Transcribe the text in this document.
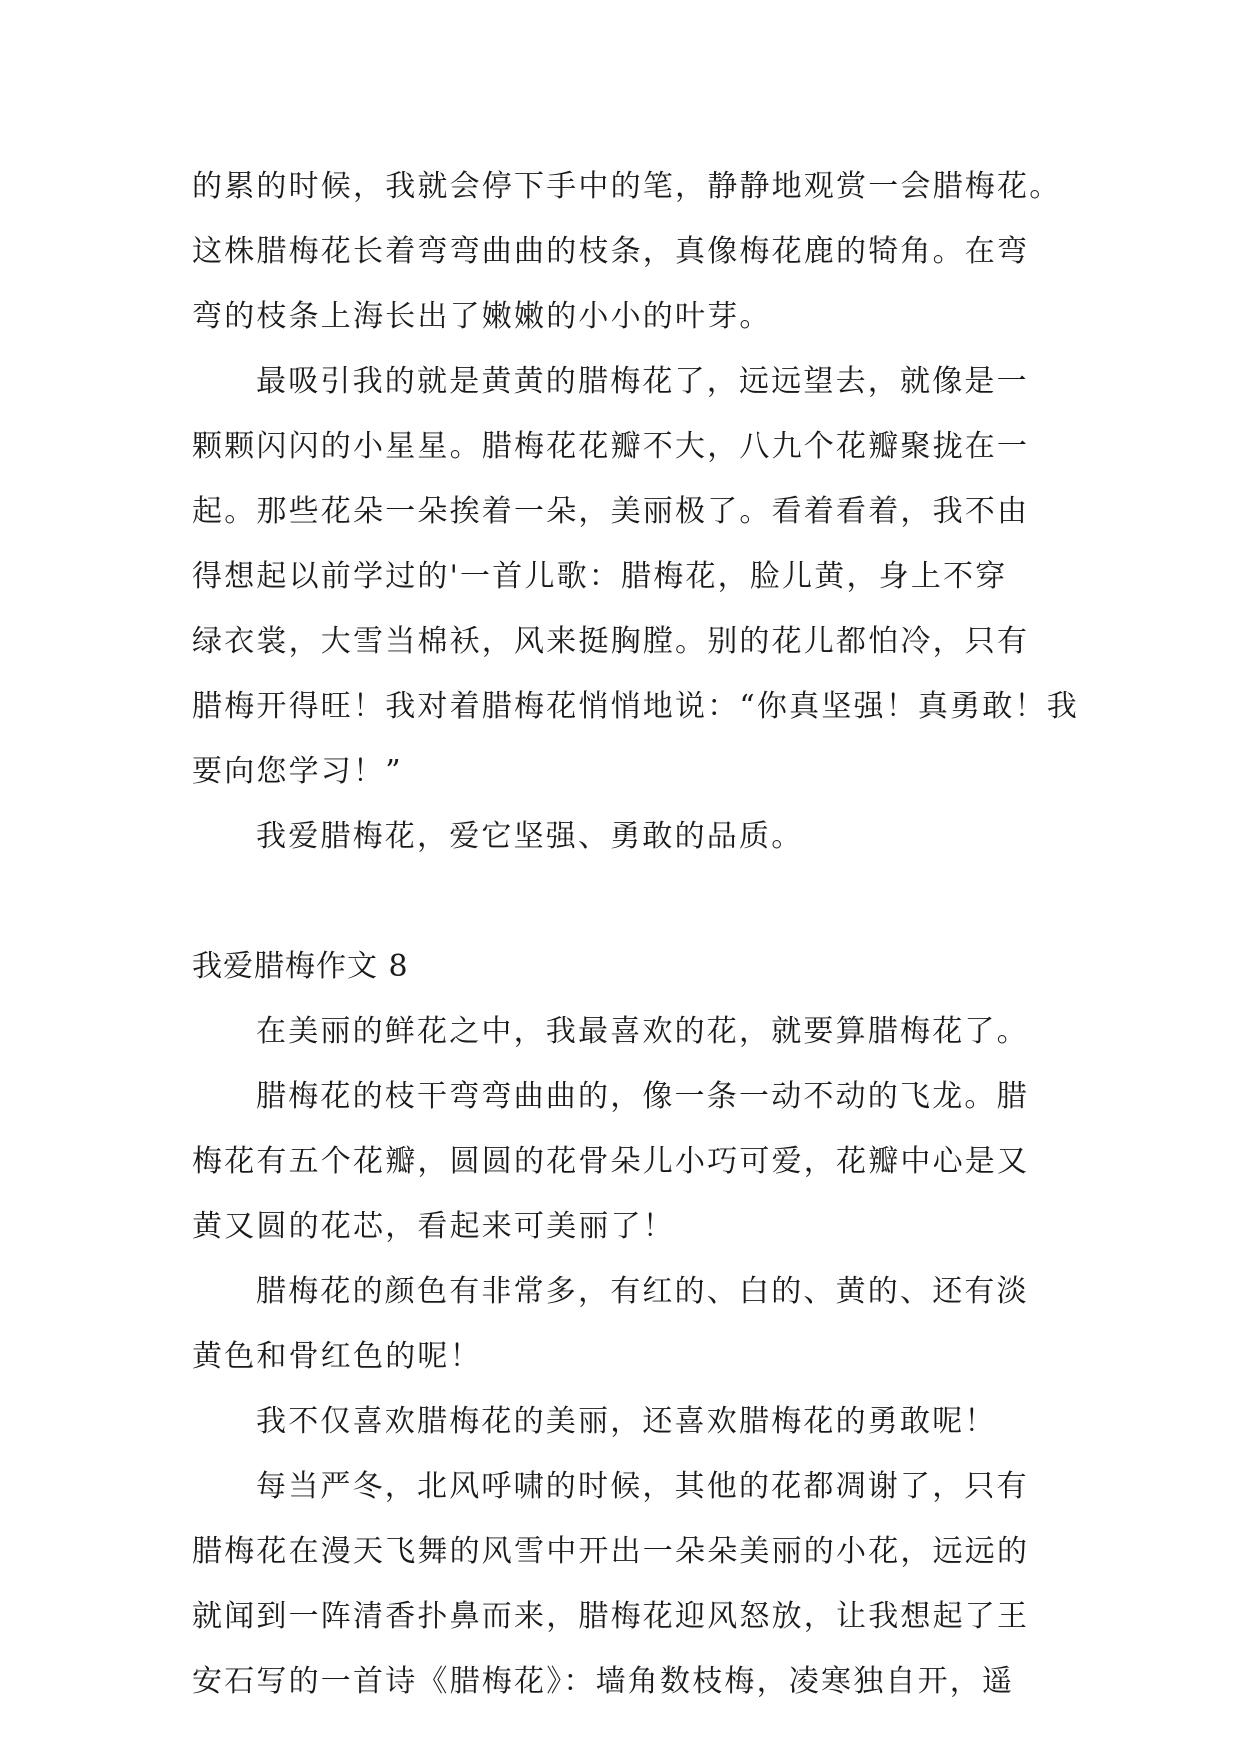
的累的时候，我就会停下手中的笔，静静地观赏一会腊梅花。
这株腊梅花长着弯弯曲曲的枝条，真像梅花鹿的犄角。在弯
弯的枝条上海长出了嫩嫩的小小的叶芽。
最吸引我的就是黄黄的腊梅花了，远远望去，就像是一
颗颗闪闪的小星星。腊梅花花瓣不大，八九个花瓣聚拢在一
起。那些花朵一朵挨着一朵，美丽极了。看着看着，我不由
得想起以前学过的'一首儿歌：腊梅花，脸儿黄，身上不穿
绿衣裳，大雪当棉袄，风来挺胸膛。别的花儿都怕冷，只有
腊梅开得旺！我对着腊梅花悄悄地说：“你真坚强！真勇敢！我
要向您学习！”
我爱腊梅花，爱它坚强、勇敢的品质。
我爱腊梅作文 8
在美丽的鲜花之中，我最喜欢的花，就要算腊梅花了。
腊梅花的枝干弯弯曲曲的，像一条一动不动的飞龙。腊
梅花有五个花瓣，圆圆的花骨朵儿小巧可爱，花瓣中心是又
黄又圆的花芯，看起来可美丽了！
腊梅花的颜色有非常多，有红的、白的、黄的、还有淡
黄色和骨红色的呢！
我不仅喜欢腊梅花的美丽，还喜欢腊梅花的勇敢呢！
每当严冬，北风呼啸的时候，其他的花都凋谢了，只有
腊梅花在漫天飞舞的风雪中开出一朵朵美丽的小花，远远的
就闻到一阵清香扑鼻而来，腊梅花迎风怒放，让我想起了王
安石写的一首诗《腊梅花》：墙角数枝梅，凌寒独自开，遥
